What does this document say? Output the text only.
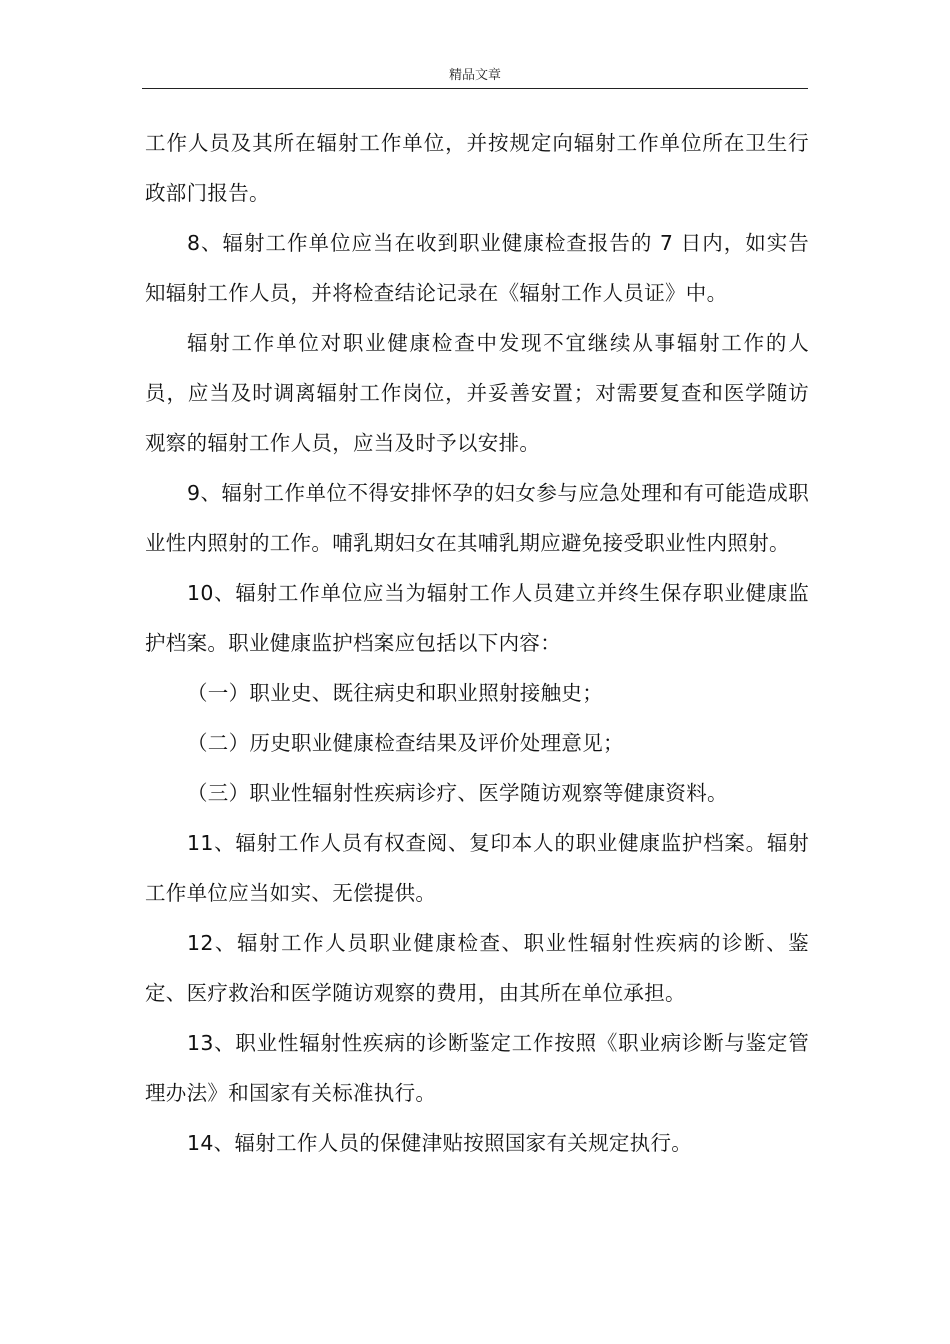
精品文章

工作人员及其所在辐射工作单位，并按规定向辐射工作单位所在卫生行政部门报告。

8、辐射工作单位应当在收到职业健康检查报告的 7 日内，如实告知辐射工作人员，并将检查结论记录在《辐射工作人员证》中。

辐射工作单位对职业健康检查中发现不宜继续从事辐射工作的人员，应当及时调离辐射工作岗位，并妥善安置；对需要复查和医学随访观察的辐射工作人员，应当及时予以安排。

9、辐射工作单位不得安排怀孕的妇女参与应急处理和有可能造成职业性内照射的工作。哺乳期妇女在其哺乳期应避免接受职业性内照射。

10、辐射工作单位应当为辐射工作人员建立并终生保存职业健康监护档案。职业健康监护档案应包括以下内容：

（一）职业史、既往病史和职业照射接触史；

（二）历史职业健康检查结果及评价处理意见；

（三）职业性辐射性疾病诊疗、医学随访观察等健康资料。

11、辐射工作人员有权查阅、复印本人的职业健康监护档案。辐射工作单位应当如实、无偿提供。

12、辐射工作人员职业健康检查、职业性辐射性疾病的诊断、鉴定、医疗救治和医学随访观察的费用，由其所在单位承担。

13、职业性辐射性疾病的诊断鉴定工作按照《职业病诊断与鉴定管理办法》和国家有关标准执行。

14、辐射工作人员的保健津贴按照国家有关规定执行。
